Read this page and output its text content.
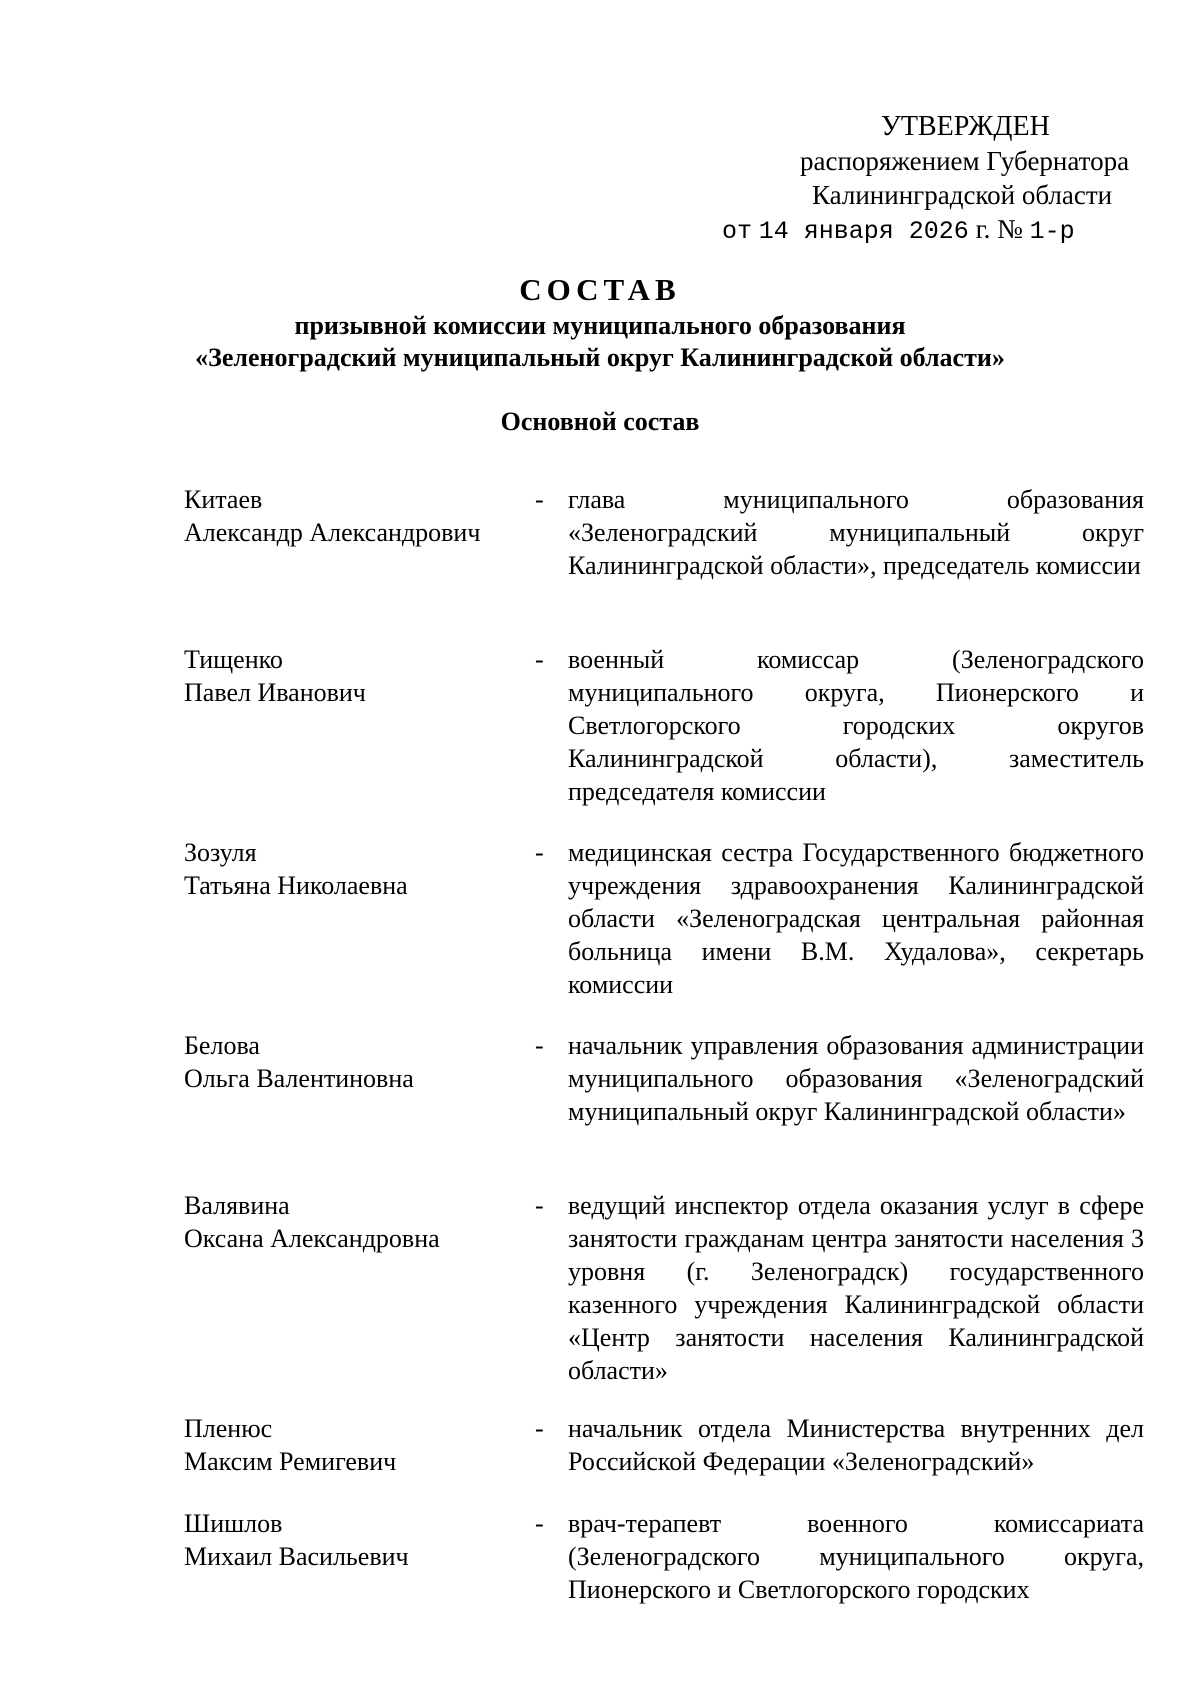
УТВЕРЖДЕН
распоряжением Губернатора
Калининградской области
от 14 января 2026 г. № 1-р
СОСТАВ
призывной комиссии муниципального образования
«Зеленоградский муниципальный округ Калининградской области»
Основной состав
Китаев
Александр Александрович
- глава муниципального образования «Зеленоградский муниципальный округ Калининградской области», председатель комиссии
Тищенко
Павел Иванович
- военный комиссар (Зеленоградского муниципального округа, Пионерского и Светлогорского городских округов Калининградской области), заместитель председателя комиссии
Зозуля
Татьяна Николаевна
- медицинская сестра Государственного бюджетного учреждения здравоохранения Калининградской области «Зеленоградская центральная районная больница имени В.М. Худалова», секретарь комиссии
Белова
Ольга Валентиновна
- начальник управления образования администрации муниципального образования «Зеленоградский муниципальный округ Калининградской области»
Валявина
Оксана Александровна
- ведущий инспектор отдела оказания услуг в сфере занятости гражданам центра занятости населения 3 уровня (г. Зеленоградск) государственного казенного учреждения Калининградской области «Центр занятости населения Калининградской области»
Пленюс
Максим Ремигевич
- начальник отдела Министерства внутренних дел Российской Федерации «Зеленоградский»
Шишлов
Михаил Васильевич
- врач-терапевт военного комиссариата (Зеленоградского муниципального округа, Пионерского и Светлогорского городских
